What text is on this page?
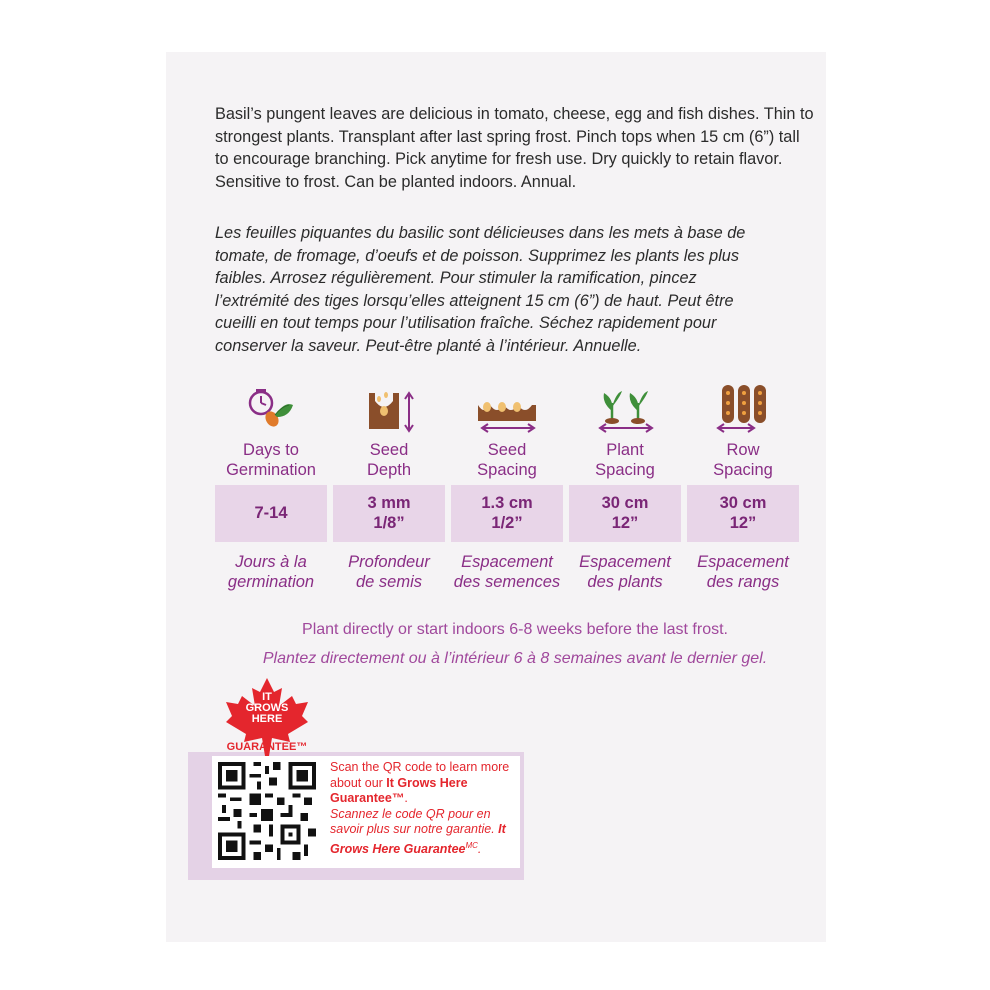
Basil’s pungent leaves are delicious in tomato, cheese, egg and fish dishes. Thin to strongest plants. Transplant after last spring frost. Pinch tops when 15 cm (6”) tall to encourage branching. Pick anytime for fresh use. Dry quickly to retain flavor. Sensitive to frost. Can be planted indoors. Annual.
Les feuilles piquantes du basilic sont délicieuses dans les mets à base de tomate, de fromage, d’oeufs et de poisson. Supprimez les plants les plus faibles. Arrosez régulièrement. Pour stimuler la ramification, pincez l’extrémité des tiges lorsqu’elles atteignent 15 cm (6”) de haut. Peut être cueilli en tout temps pour l’utilisation fraîche. Séchez rapidement pour conserver la saveur. Peut-être planté à l’intérieur. Annuelle.
Days to
Germination
Seed
Depth
Seed
Spacing
Plant
Spacing
Row
Spacing
7-14
3 mm
1/8”
1.3 cm
1/2”
30 cm
12”
30 cm
12”
Jours à la
germination
Profondeur
de semis
Espacement
des semences
Espacement
des plants
Espacement
des rangs
Plant directly or start indoors 6-8 weeks before the last frost.
Plantez directement ou à l’intérieur 6 à 8 semaines avant le dernier gel.
IT
GROWS
HERE
GUARANTEE™
Scan the QR code to learn more about our It Grows Here Guarantee™.
Scannez le code QR pour en savoir plus sur notre garantie. It Grows Here Guarantee$^{MC}$.
